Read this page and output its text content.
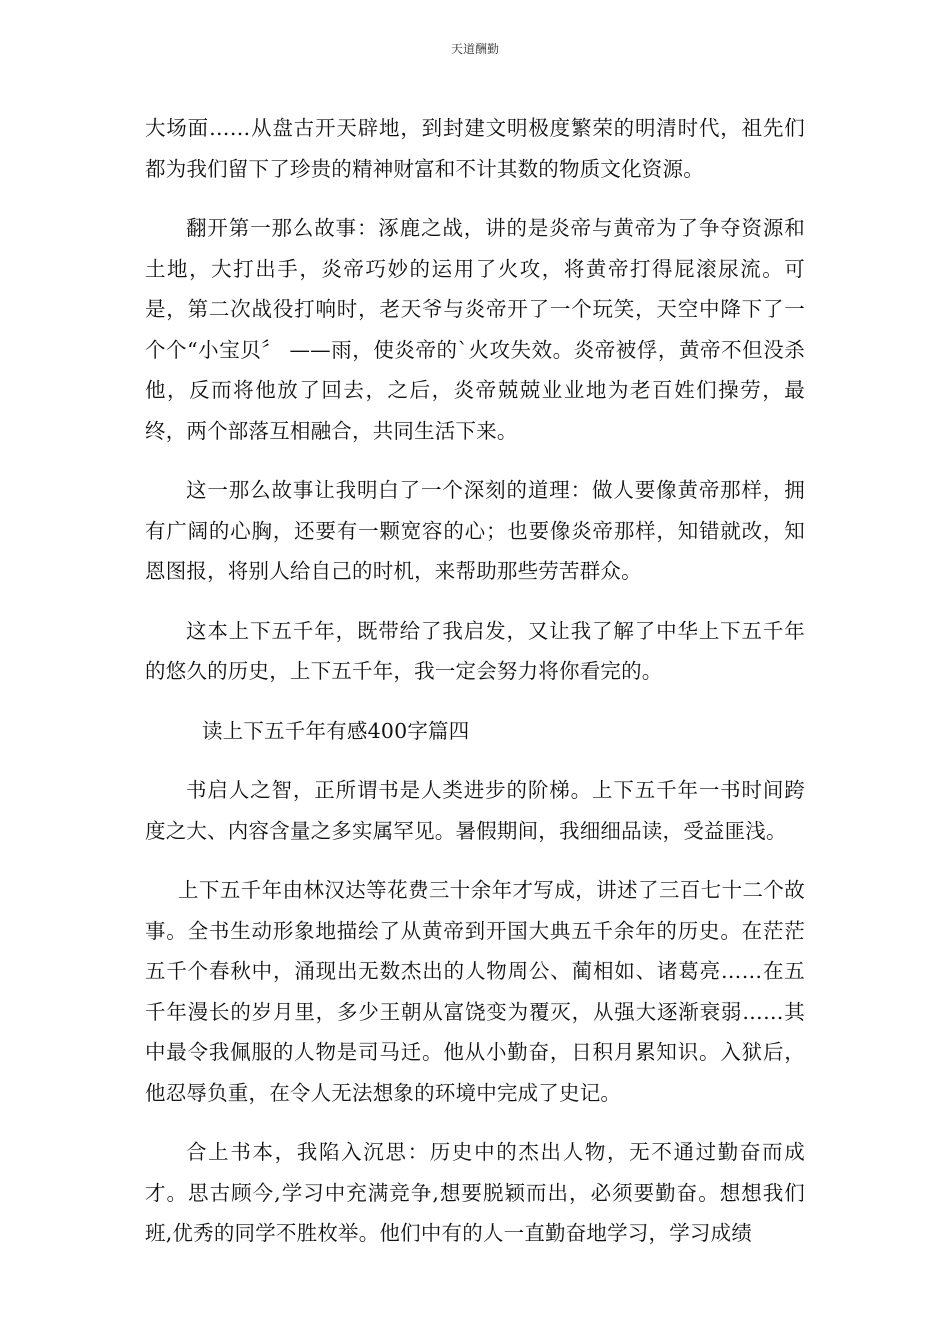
天道酬勤

大场面……从盘古开天辟地，到封建文明极度繁荣的明清时代，祖先们都为我们留下了珍贵的精神财富和不计其数的物质文化资源。

翻开第一那么故事：涿鹿之战，讲的是炎帝与黄帝为了争夺资源和土地，大打出手，炎帝巧妙的运用了火攻，将黄帝打得屁滚尿流。可是，第二次战役打响时，老天爷与炎帝开了一个玩笑，天空中降下了一个个“小宝贝〞 ——雨，使炎帝的`火攻失效。炎帝被俘，黄帝不但没杀他，反而将他放了回去，之后，炎帝兢兢业业地为老百姓们操劳，最终，两个部落互相融合，共同生活下来。

这一那么故事让我明白了一个深刻的道理：做人要像黄帝那样，拥有广阔的心胸，还要有一颗宽容的心；也要像炎帝那样，知错就改，知恩图报，将别人给自己的时机，来帮助那些劳苦群众。

这本上下五千年，既带给了我启发，又让我了解了中华上下五千年的悠久的历史，上下五千年，我一定会努力将你看完的。

读上下五千年有感400字篇四

书启人之智，正所谓书是人类进步的阶梯。上下五千年一书时间跨度之大、内容含量之多实属罕见。暑假期间，我细细品读，受益匪浅。

上下五千年由林汉达等花费三十余年才写成，讲述了三百七十二个故事。全书生动形象地描绘了从黄帝到开国大典五千余年的历史。在茫茫五千个春秋中，涌现出无数杰出的人物周公、蔺相如、诸葛亮……在五千年漫长的岁月里，多少王朝从富饶变为覆灭，从强大逐渐衰弱……其中最令我佩服的人物是司马迁。他从小勤奋，日积月累知识。入狱后，他忍辱负重，在令人无法想象的环境中完成了史记。

合上书本，我陷入沉思：历史中的杰出人物，无不通过勤奋而成才。思古顾今,学习中充满竞争,想要脱颖而出，必须要勤奋。想想我们班,优秀的同学不胜枚举。他们中有的人一直勤奋地学习，学习成绩
